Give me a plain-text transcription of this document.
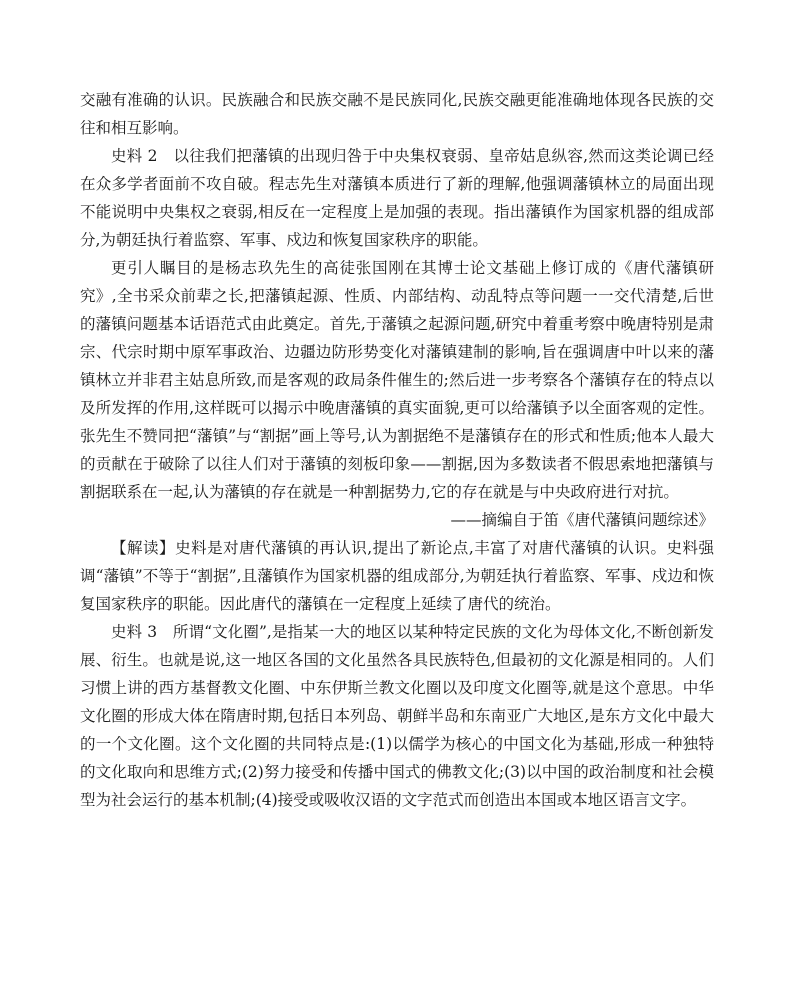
交融有准确的认识。民族融合和民族交融不是民族同化,民族交融更能准确地体现各民族的交往和相互影响。

史料 2　以往我们把藩镇的出现归咎于中央集权衰弱、皇帝姑息纵容,然而这类论调已经在众多学者面前不攻自破。程志先生对藩镇本质进行了新的理解,他强调藩镇林立的局面出现不能说明中央集权之衰弱,相反在一定程度上是加强的表现。指出藩镇作为国家机器的组成部分,为朝廷执行着监察、军事、戍边和恢复国家秩序的职能。

更引人瞩目的是杨志玖先生的高徒张国刚在其博士论文基础上修订成的《唐代藩镇研究》,全书采众前辈之长,把藩镇起源、性质、内部结构、动乱特点等问题一一交代清楚,后世的藩镇问题基本话语范式由此奠定。首先,于藩镇之起源问题,研究中着重考察中晚唐特别是肃宗、代宗时期中原军事政治、边疆边防形势变化对藩镇建制的影响,旨在强调唐中叶以来的藩镇林立并非君主姑息所致,而是客观的政局条件催生的;然后进一步考察各个藩镇存在的特点以及所发挥的作用,这样既可以揭示中晚唐藩镇的真实面貌,更可以给藩镇予以全面客观的定性。张先生不赞同把“藩镇”与“割据”画上等号,认为割据绝不是藩镇存在的形式和性质;他本人最大的贡献在于破除了以往人们对于藩镇的刻板印象——割据,因为多数读者不假思索地把藩镇与割据联系在一起,认为藩镇的存在就是一种割据势力,它的存在就是与中央政府进行对抗。

——摘编自于笛《唐代藩镇问题综述》

【解读】史料是对唐代藩镇的再认识,提出了新论点,丰富了对唐代藩镇的认识。史料强调“藩镇”不等于“割据”,且藩镇作为国家机器的组成部分,为朝廷执行着监察、军事、戍边和恢复国家秩序的职能。因此唐代的藩镇在一定程度上延续了唐代的统治。

史料 3　所谓“文化圈”,是指某一大的地区以某种特定民族的文化为母体文化,不断创新发展、衍生。也就是说,这一地区各国的文化虽然各具民族特色,但最初的文化源是相同的。人们习惯上讲的西方基督教文化圈、中东伊斯兰教文化圈以及印度文化圈等,就是这个意思。中华文化圈的形成大体在隋唐时期,包括日本列岛、朝鲜半岛和东南亚广大地区,是东方文化中最大的一个文化圈。这个文化圈的共同特点是:(1)以儒学为核心的中国文化为基础,形成一种独特的文化取向和思维方式;(2)努力接受和传播中国式的佛教文化;(3)以中国的政治制度和社会模型为社会运行的基本机制;(4)接受或吸收汉语的文字范式而创造出本国或本地区语言文字。
